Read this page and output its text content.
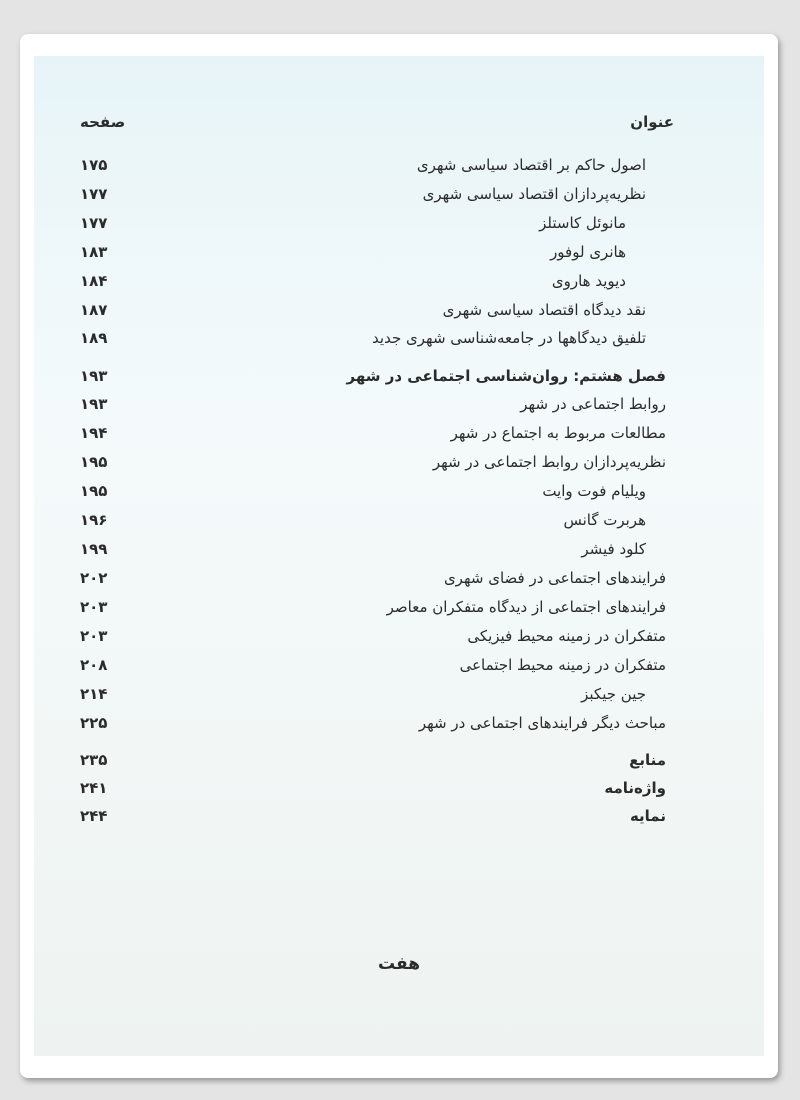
عنوان
صفحه
اصول حاکم بر اقتصاد سیاسی شهری
۱۷۵
نظریه‌پردازان اقتصاد سیاسی شهری
۱۷۷
مانوئل کاستلز
۱۷۷
هانری لوفور
۱۸۳
دیوید هاروی
۱۸۴
نقد دیدگاه اقتصاد سیاسی شهری
۱۸۷
تلفیق دیدگاهها در جامعه‌شناسی شهری جدید
۱۸۹
فصل هشتم: روان‌شناسی اجتماعی در شهر
۱۹۳
روابط اجتماعی در شهر
۱۹۳
مطالعات مربوط به اجتماع در شهر
۱۹۴
نظریه‌پردازان روابط اجتماعی در شهر
۱۹۵
ویلیام فوت وایت
۱۹۵
هربرت گانس
۱۹۶
کلود فیشر
۱۹۹
فرایندهای اجتماعی در فضای شهری
۲۰۲
فرایندهای اجتماعی از دیدگاه متفکران معاصر
۲۰۳
متفکران در زمینه محیط فیزیکی
۲۰۳
متفکران در زمینه محیط اجتماعی
۲۰۸
جین جیکبز
۲۱۴
مباحث دیگر فرایندهای اجتماعی در شهر
۲۲۵
منابع
۲۳۵
واژه‌نامه
۲۴۱
نمایه
۲۴۴
هفت
